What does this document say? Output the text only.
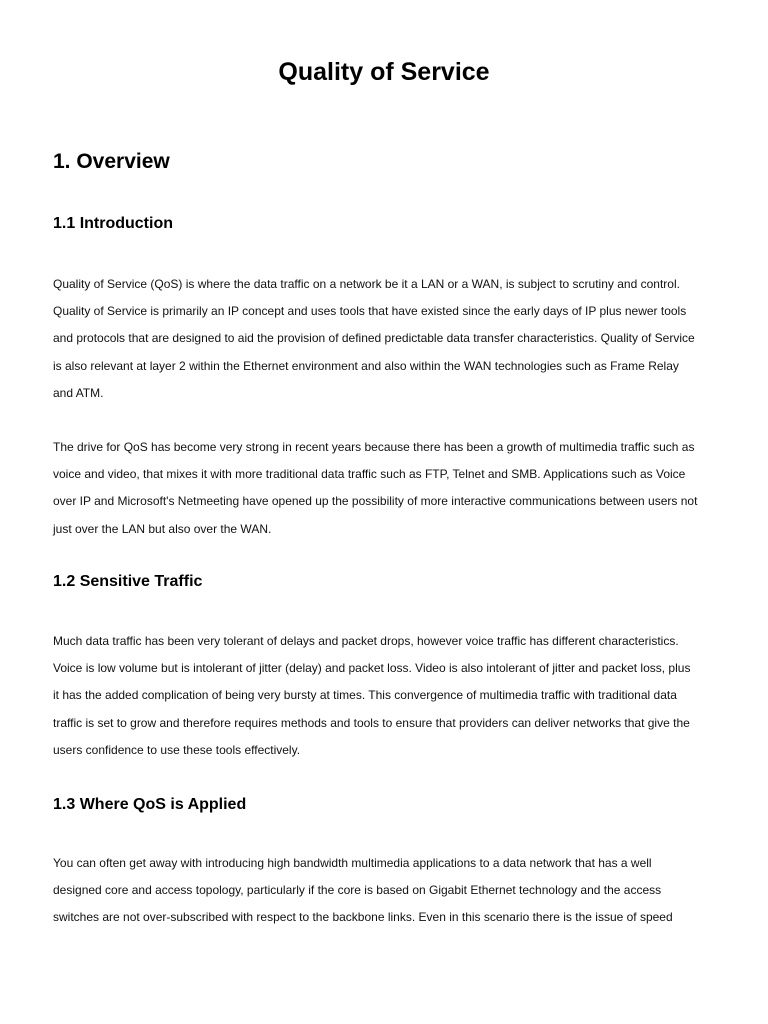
Quality of Service
1. Overview
1.1 Introduction

Quality of Service (QoS) is where the data traffic on a network be it a LAN or a WAN, is subject to scrutiny and control.
Quality of Service is primarily an IP concept and uses tools that have existed since the early days of IP plus newer tools
and protocols that are designed to aid the provision of defined predictable data transfer characteristics. Quality of Service
is also relevant at layer 2 within the Ethernet environment and also within the WAN technologies such as Frame Relay
and ATM.

The drive for QoS has become very strong in recent years because there has been a growth of multimedia traffic such as
voice and video, that mixes it with more traditional data traffic such as FTP, Telnet and SMB. Applications such as Voice
over IP and Microsoft's Netmeeting have opened up the possibility of more interactive communications between users not
just over the LAN but also over the WAN.

1.2 Sensitive Traffic

Much data traffic has been very tolerant of delays and packet drops, however voice traffic has different characteristics.
Voice is low volume but is intolerant of jitter (delay) and packet loss. Video is also intolerant of jitter and packet loss, plus
it has the added complication of being very bursty at times. This convergence of multimedia traffic with traditional data
traffic is set to grow and therefore requires methods and tools to ensure that providers can deliver networks that give the
users confidence to use these tools effectively.

1.3 Where QoS is Applied

You can often get away with introducing high bandwidth multimedia applications to a data network that has a well
designed core and access topology, particularly if the core is based on Gigabit Ethernet technology and the access
switches are not over-subscribed with respect to the backbone links. Even in this scenario there is the issue of speed
